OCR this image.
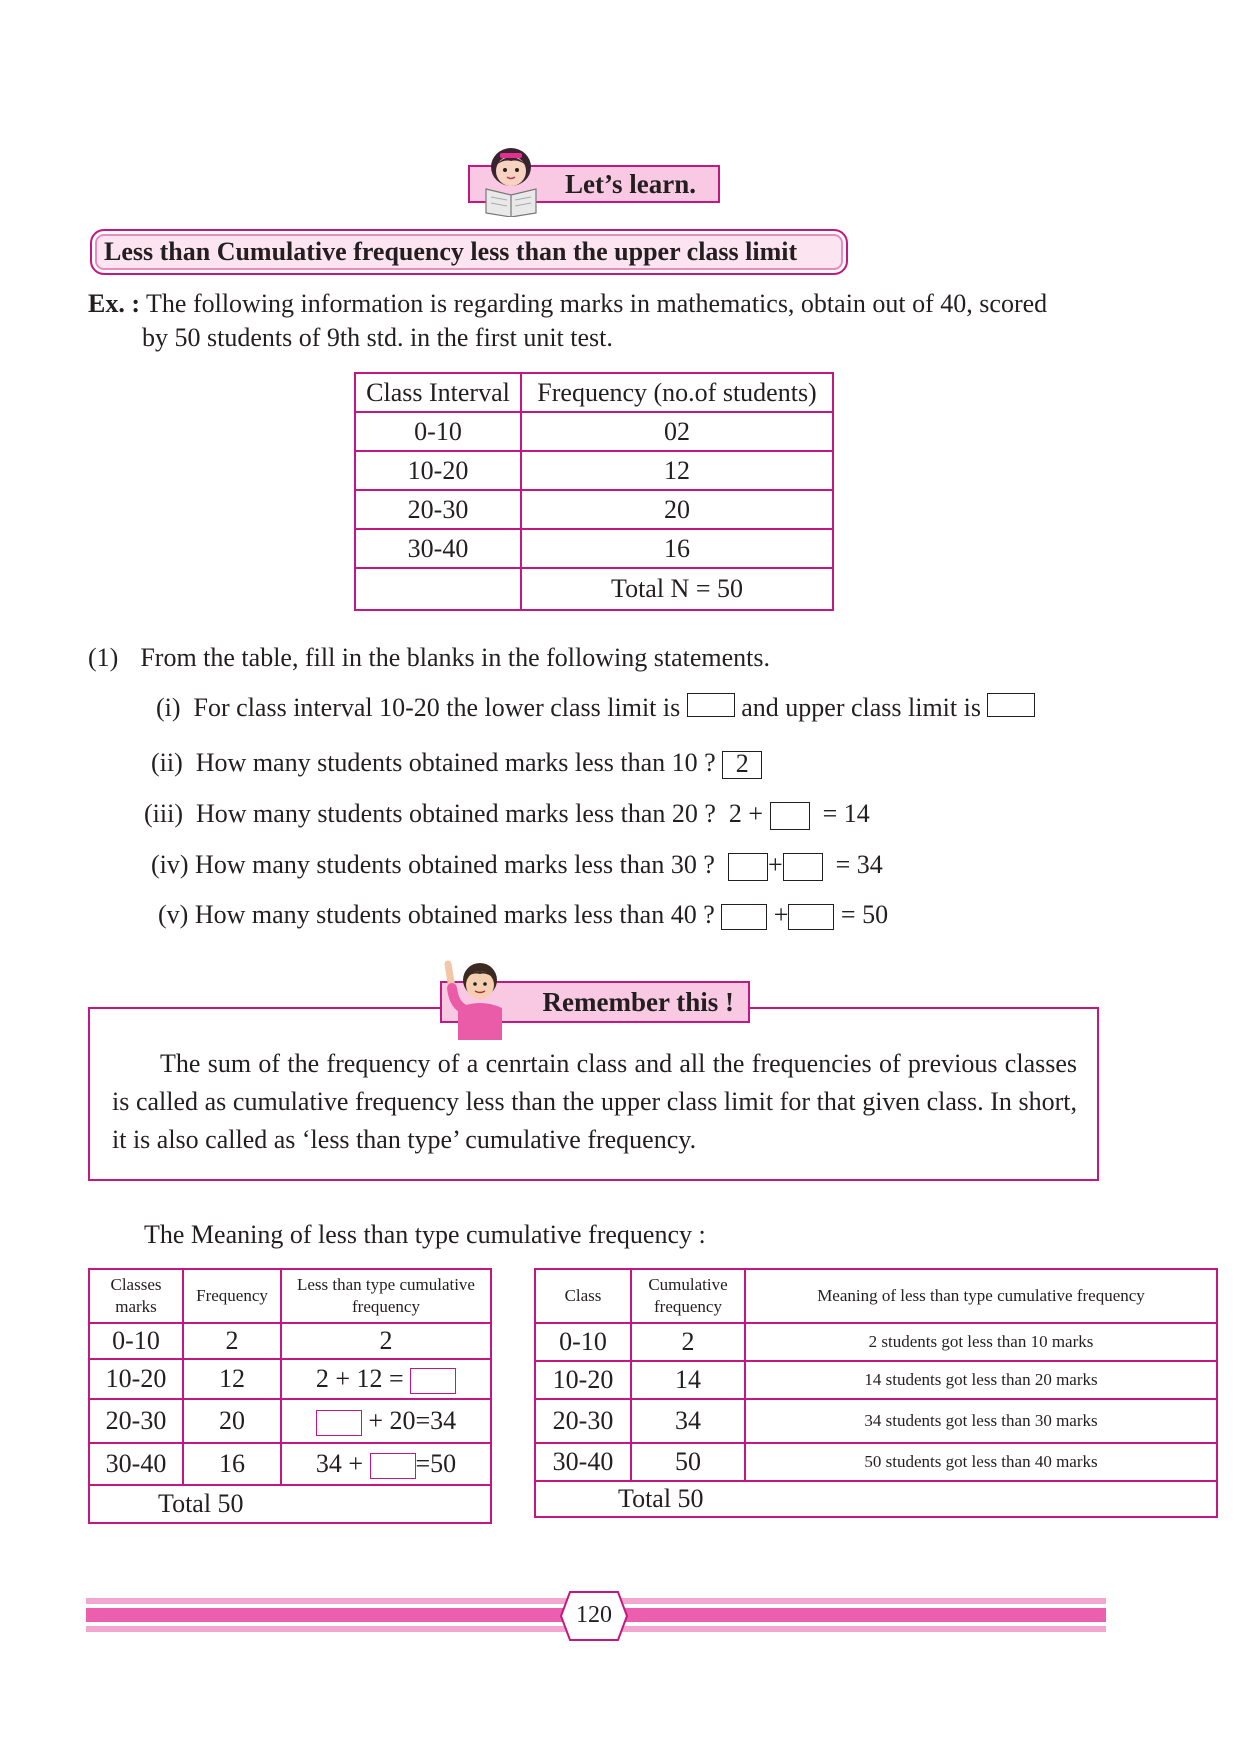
Let’s learn.
Less than Cumulative frequency less than the upper class limit
Ex. : The following information is regarding marks in mathematics, obtain out of 40, scored
by 50 students of 9th std. in the first unit test.
Class Interval	Frequency (no.of students)
0-10	02
10-20	12
20-30	20
30-40	16
	Total N = 50
(1) From the table, fill in the blanks in the following statements.
(i) For class interval 10-20 the lower class limit is and upper class limit is
(ii) How many students obtained marks less than 10 ? 2
(iii) How many students obtained marks less than 20 ? 2 + = 14
(iv) How many students obtained marks less than 30 ? + = 34
(v) How many students obtained marks less than 40 ? + = 50
The sum of the frequency of a cenrtain class and all the frequencies of previous classes is called as cumulative frequency less than the upper class limit for that given class. In short, it is also called as ‘less than type’ cumulative frequency.
Remember this !
The Meaning of less than type cumulative frequency :
Classes marks	Frequency	Less than type cumulative frequency
0-10	2	2
10-20	12	2 + 12 =
20-30	20	+ 20=34
30-40	16	34 + =50
Total 50		
Class	Cumulative frequency	Meaning of less than type cumulative frequency
0-10	2	2 students got less than 10 marks
10-20	14	14 students got less than 20 marks
20-30	34	34 students got less than 30 marks
30-40	50	50 students got less than 40 marks
Total 50		
120
